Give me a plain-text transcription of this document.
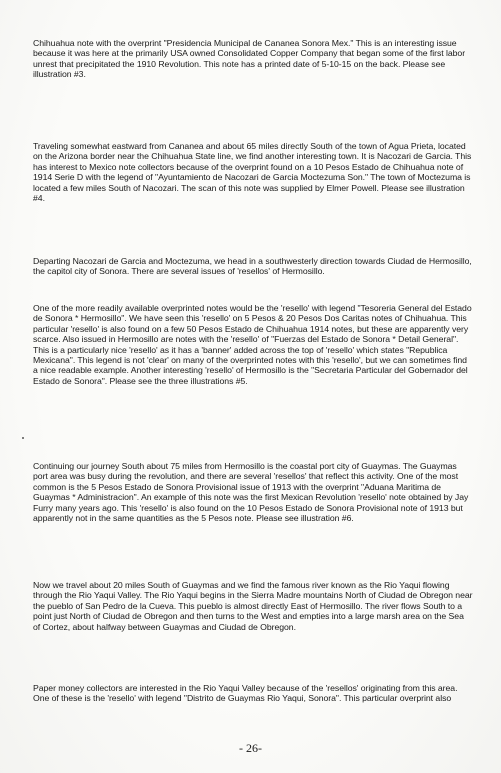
Chihuahua note with the overprint "Presidencia Municipal de Cananea Sonora Mex." This is an interesting issue because it was here at the primarily USA owned Consolidated Copper Company that began some of the first labor unrest that precipitated the 1910 Revolution. This note has a printed date of 5-10-15 on the back. Please see illustration #3.

Traveling somewhat eastward from Cananea and about 65 miles directly South of the town of Agua Prieta, located on the Arizona border near the Chihuahua State line, we find another interesting town. It is Nacozari de Garcia. This has interest to Mexico note collectors because of the overprint found on a 10 Pesos Estado de Chihuahua note of 1914 Serie D with the legend of "Ayuntamiento de Nacozari de Garcia Moctezuma Son." The town of Moctezuma is located a few miles South of Nacozari. The scan of this note was supplied by Elmer Powell. Please see illustration #4.

Departing Nacozari de Garcia and Moctezuma, we head in a southwesterly direction towards Ciudad de Hermosillo, the capitol city of Sonora. There are several issues of 'resellos' of Hermosillo.

One of the more readily available overprinted notes would be the 'resello' with legend "Tesoreria General del Estado de Sonora * Hermosillo". We have seen this 'resello' on 5 Pesos & 20 Pesos Dos Caritas notes of Chihuahua. This particular 'resello' is also found on a few 50 Pesos Estado de Chihuahua 1914 notes, but these are apparently very scarce. Also issued in Hermosillo are notes with the 'resello' of "Fuerzas del Estado de Sonora * Detail General". This is a particularly nice 'resello' as it has a 'banner' added across the top of 'resello' which states "Republica Mexicana". This legend is not 'clear' on many of the overprinted notes with this 'resello', but we can sometimes find a nice readable example. Another interesting 'resello' of Hermosillo is the "Secretaria Particular del Gobernador del Estado de Sonora". Please see the three illustrations #5.

Continuing our journey South about 75 miles from Hermosillo is the coastal port city of Guaymas. The Guaymas port area was busy during the revolution, and there are several 'resellos' that reflect this activity. One of the most common is the 5 Pesos Estado de Sonora Provisional issue of 1913 with the overprint "Aduana Maritima de Guaymas * Administracion". An example of this note was the first Mexican Revolution 'resello' note obtained by Jay Furry many years ago. This 'resello' is also found on the 10 Pesos Estado de Sonora Provisional note of 1913 but apparently not in the same quantities as the 5 Pesos note. Please see illustration #6.

Now we travel about 20 miles South of Guaymas and we find the famous river known as the Rio Yaqui flowing through the Rio Yaqui Valley. The Rio Yaqui begins in the Sierra Madre mountains North of Ciudad de Obregon near the pueblo of San Pedro de la Cueva. This pueblo is almost directly East of Hermosillo. The river flows South to a point just North of Ciudad de Obregon and then turns to the West and empties into a large marsh area on the Sea of Cortez, about halfway between Guaymas and Ciudad de Obregon.

Paper money collectors are interested in the Rio Yaqui Valley because of the 'resellos' originating from this area. One of these is the 'resello' with legend "Distrito de Guaymas Rio Yaqui, Sonora". This particular overprint also

- 26-
